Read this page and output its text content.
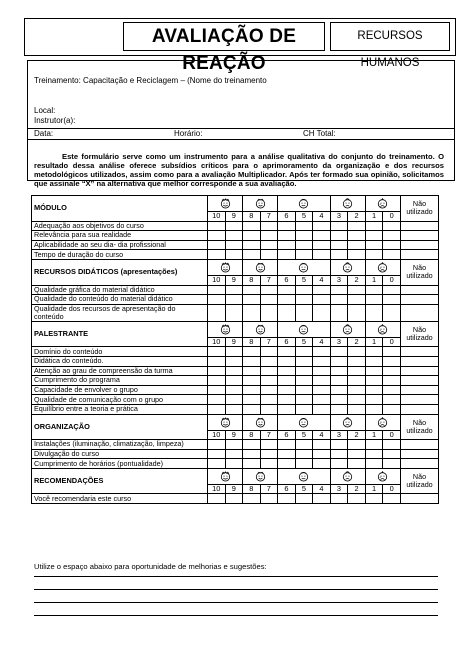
AVALIAÇÃO DE REAÇÃO
RECURSOS HUMANOS
Treinamento: Capacitação e Reciclagem – (Nome do treinamento
Local:
Instrutor(a):
Data:	Horário:	CH Total:
Este formulário serve como um instrumento para a análise qualitativa do conjunto do treinamento. O resultado dessa análise oferece subsídios críticos para o aprimoramento da organização e dos recursos metodológicos utilizados, assim como para a avaliação Multiplicador. Após ter formado sua opinião, solicitamos que assinale “X” na alternativa que melhor corresponde a sua avaliação.
MÓDULO												Não utilizado
	10	9	8	7	6	5	4	3	2	1	0	
Adequação aos objetivos do curso												
Relevância para sua realidade												
Aplicabilidade ao seu dia- dia profissional												
Tempo de duração do curso												
RECURSOS DIDÁTICOS (apresentações)												Não utilizado
	10	9	8	7	6	5	4	3	2	1	0	
Qualidade gráfica do material didático												
Qualidade do conteúdo do material didático												
Qualidade dos recursos de apresentação do conteúdo												
PALESTRANTE												Não utilizado
	10	9	8	7	6	5	4	3	2	1	0	
Domínio do conteúdo												
Didática do conteúdo.												
Atenção ao grau de compreensão da turma												
Cumprimento do programa												
Capacidade de envolver o grupo												
Qualidade de comunicação com o grupo												
Equilíbrio entre a teoria e prática												
ORGANIZAÇÃO												Não utilizado
	10	9	8	7	6	5	4	3	2	1	0	
Instalações (iluminação, climatização, limpeza)												
Divulgação do curso												
Cumprimento de horários (pontualidade)												
RECOMENDAÇÕES												Não utilizado
	10	9	8	7	6	5	4	3	2	1	0	
Você recomendaria este curso												
Utilize o espaço abaixo para oportunidade de melhorias e sugestões:
